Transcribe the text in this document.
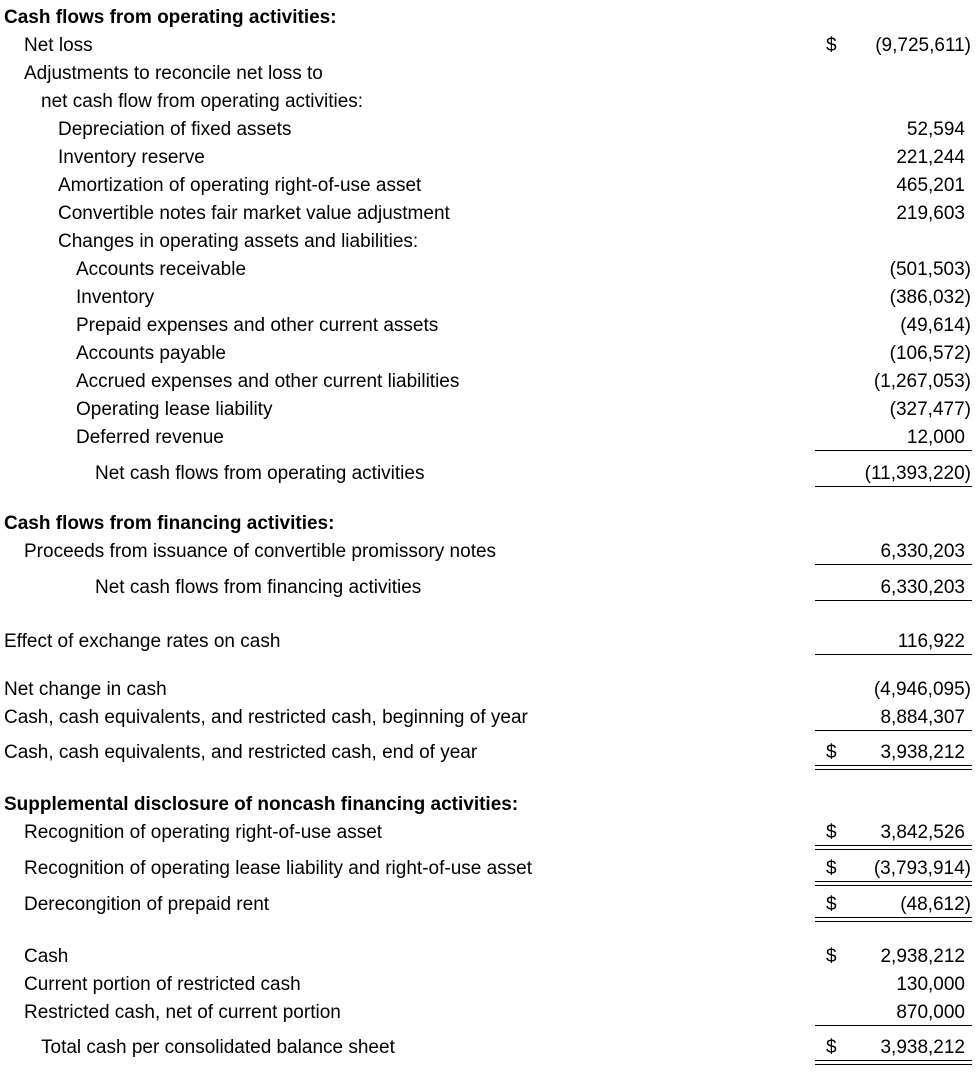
Cash flows from operating activities:
Net loss	$	(9,725,611)
Adjustments to reconcile net loss to
net cash flow from operating activities:
Depreciation of fixed assets	52,594
Inventory reserve	221,244
Amortization of operating right-of-use asset	465,201
Convertible notes fair market value adjustment	219,603
Changes in operating assets and liabilities:
Accounts receivable	(501,503)
Inventory	(386,032)
Prepaid expenses and other current assets	(49,614)
Accounts payable	(106,572)
Accrued expenses and other current liabilities	(1,267,053)
Operating lease liability	(327,477)
Deferred revenue	12,000
Net cash flows from operating activities	(11,393,220)
Cash flows from financing activities:
Proceeds from issuance of convertible promissory notes	6,330,203
Net cash flows from financing activities	6,330,203
Effect of exchange rates on cash	116,922
Net change in cash	(4,946,095)
Cash, cash equivalents, and restricted cash, beginning of year	8,884,307
Cash, cash equivalents, and restricted cash, end of year	$	3,938,212
Supplemental disclosure of noncash financing activities:
Recognition of operating right-of-use asset	$	3,842,526
Recognition of operating lease liability and right-of-use asset	$	(3,793,914)
Derecongition of prepaid rent	$	(48,612)
Cash	$	2,938,212
Current portion of restricted cash	130,000
Restricted cash, net of current portion	870,000
Total cash per consolidated balance sheet	$	3,938,212
